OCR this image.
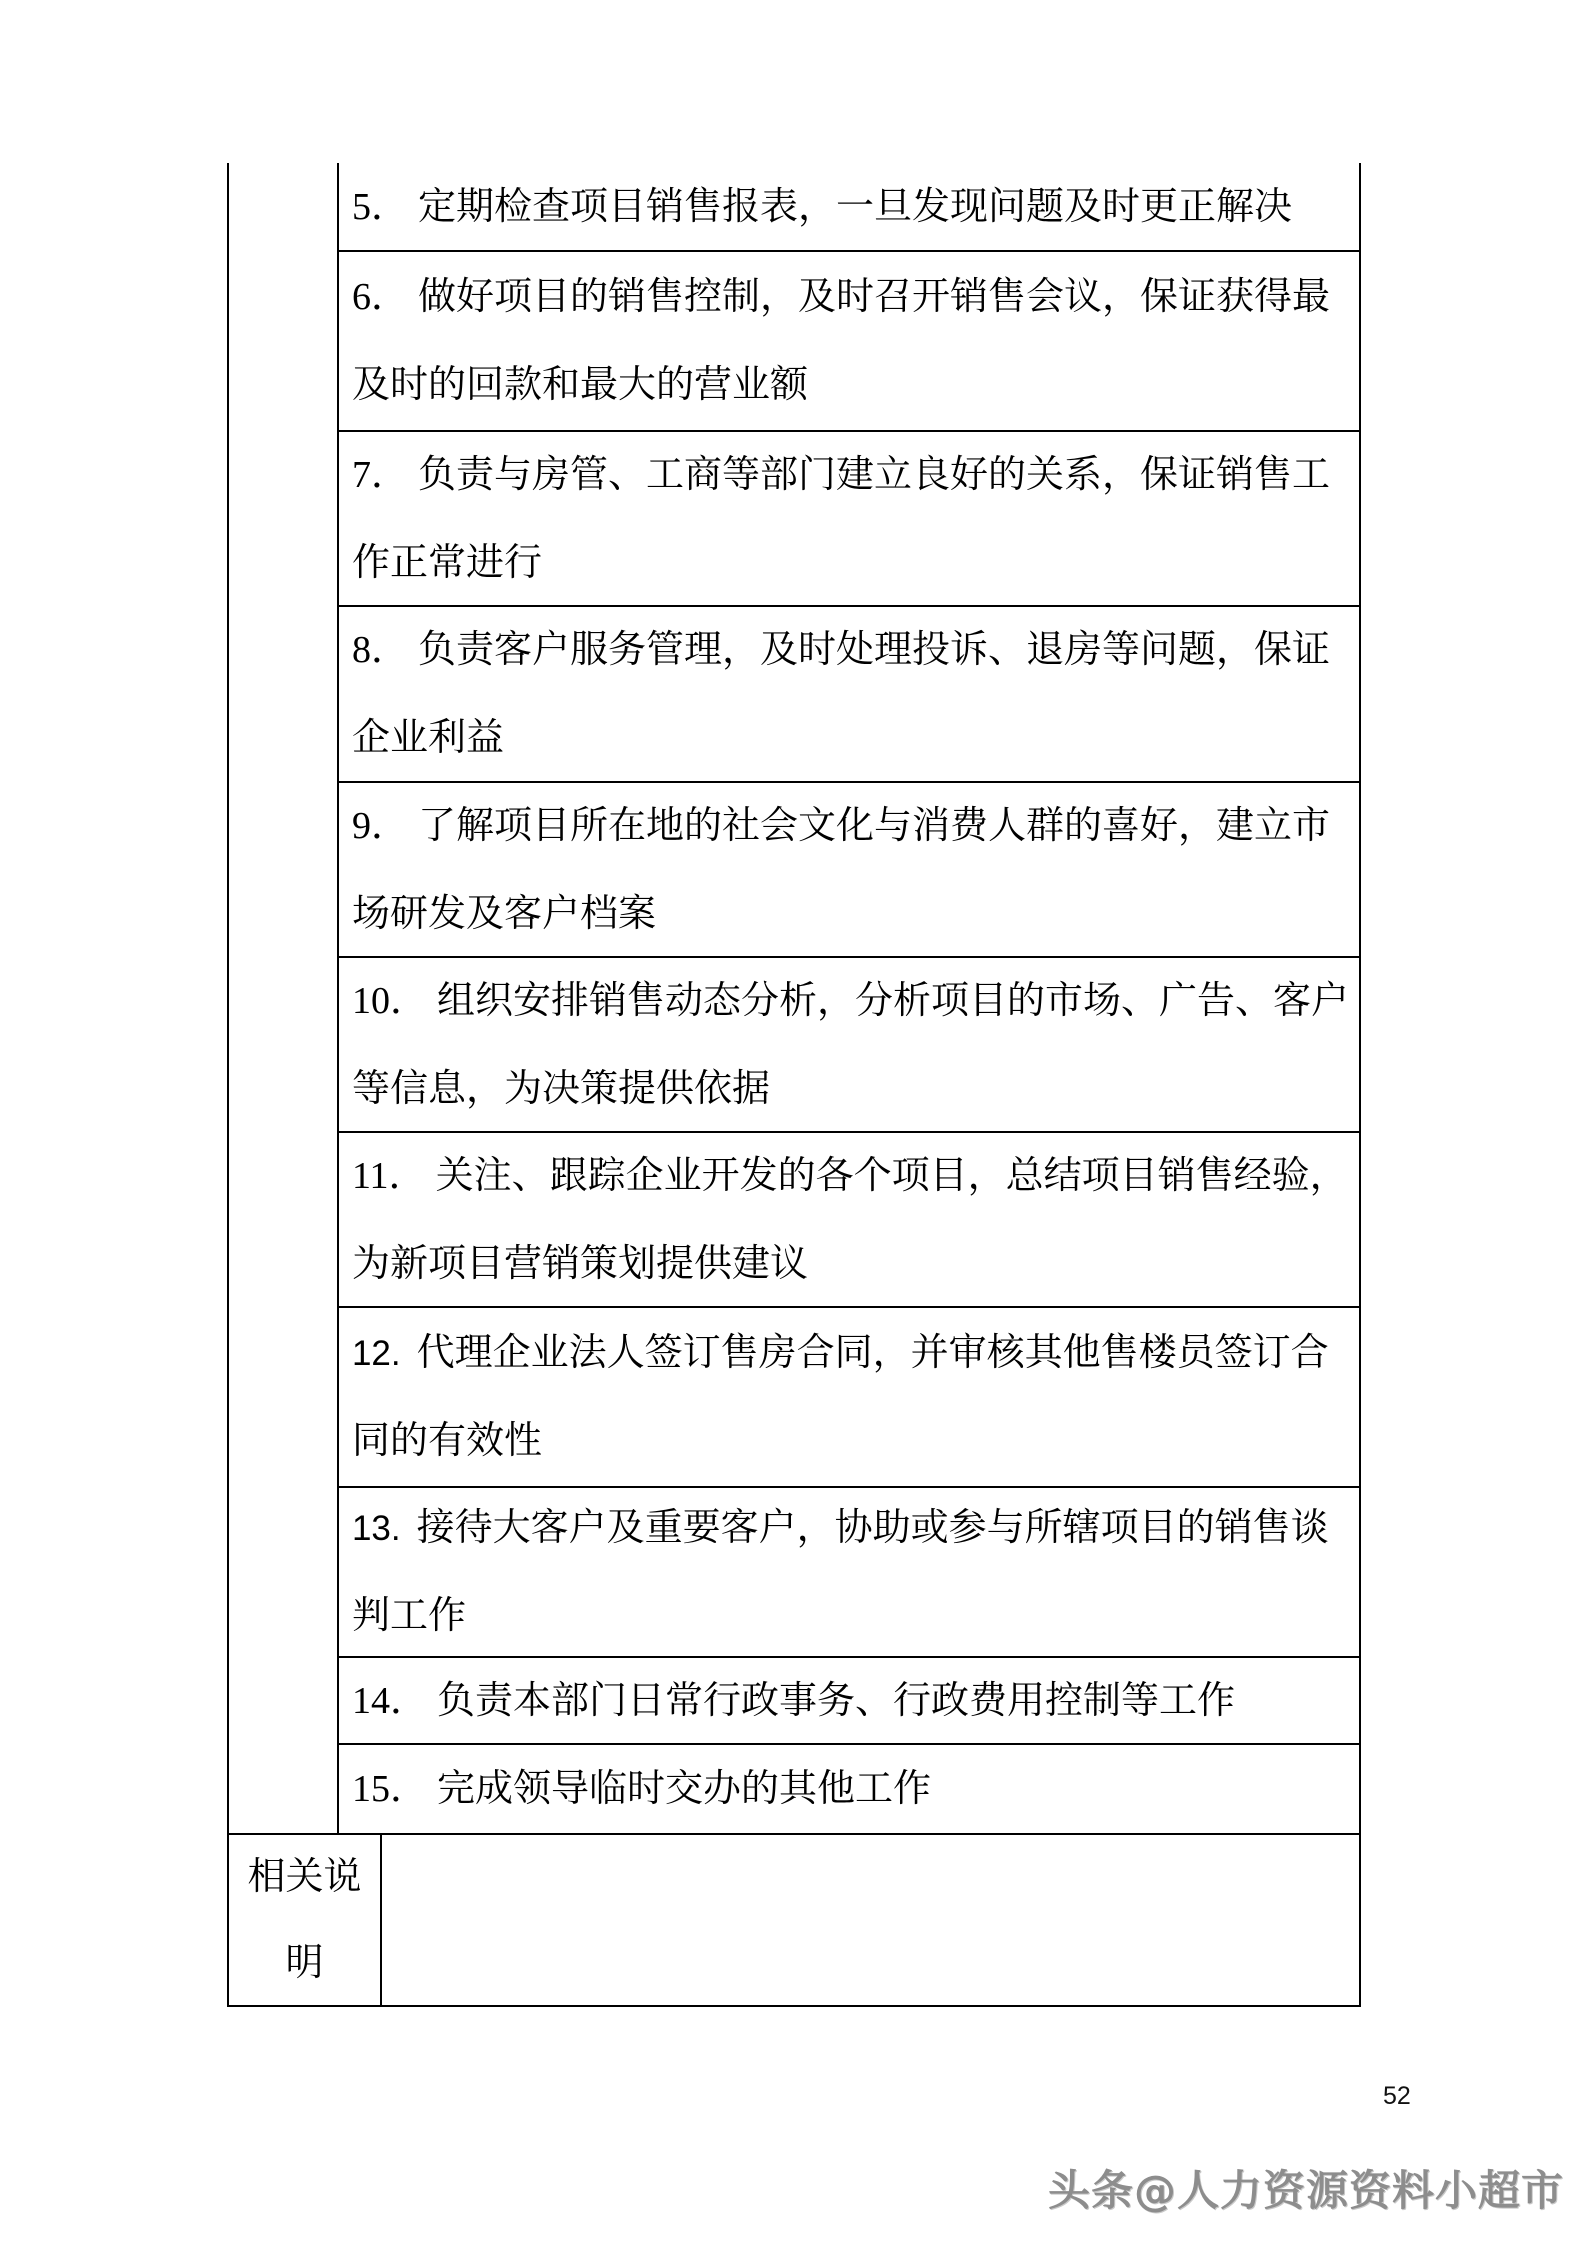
5． 定期检查项目销售报表，一旦发现问题及时更正解决
6． 做好项目的销售控制，及时召开销售会议，保证获得最
及时的回款和最大的营业额
7． 负责与房管、工商等部门建立良好的关系，保证销售工
作正常进行
8． 负责客户服务管理，及时处理投诉、退房等问题，保证
企业利益
9． 了解项目所在地的社会文化与消费人群的喜好，建立市
场研发及客户档案
10． 组织安排销售动态分析，分析项目的市场、广告、客户
等信息，为决策提供依据
11． 关注、跟踪企业开发的各个项目，总结项目销售经验，
为新项目营销策划提供建议
12. 代理企业法人签订售房合同，并审核其他售楼员签订合
同的有效性
13. 接待大客户及重要客户，协助或参与所辖项目的销售谈
判工作
14． 负责本部门日常行政事务、行政费用控制等工作
15． 完成领导临时交办的其他工作
相关说
明
52
头条@人力资源资料小超市
